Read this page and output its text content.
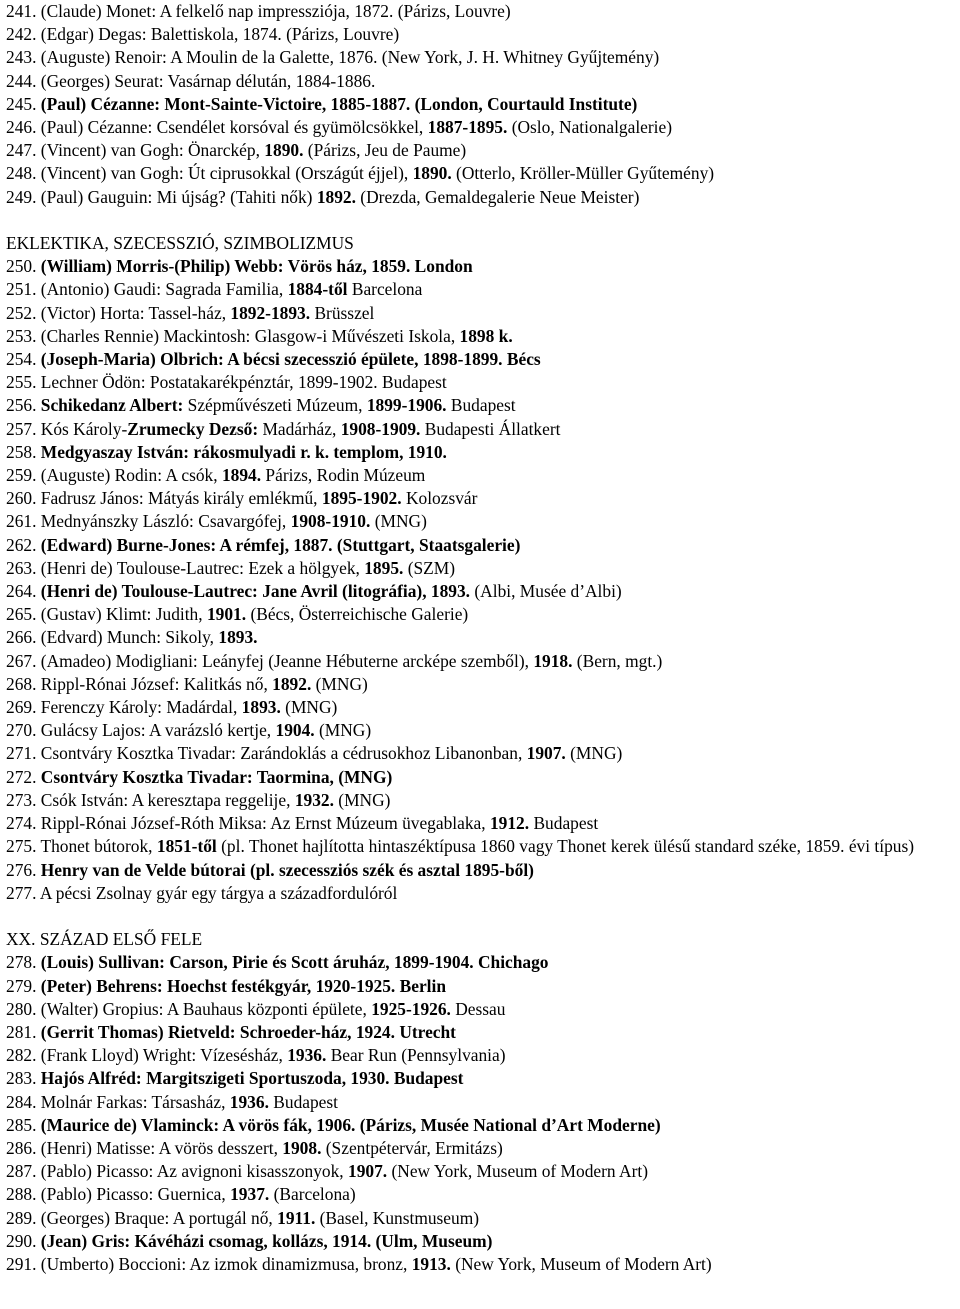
241. (Claude) Monet: A felkelő nap impressziója, 1872. (Párizs, Louvre)
242. (Edgar) Degas: Balettiskola, 1874. (Párizs, Louvre)
243. (Auguste) Renoir: A Moulin de la Galette, 1876. (New York, J. H. Whitney Gyűjtemény)
244. (Georges) Seurat: Vasárnap délután, 1884-1886.
245. (Paul) Cézanne: Mont-Sainte-Victoire, 1885-1887. (London, Courtauld Institute)
246. (Paul) Cézanne: Csendélet korsóval és gyümölcsökkel, 1887-1895. (Oslo, Nationalgalerie)
247. (Vincent) van Gogh: Önarckép, 1890. (Párizs, Jeu de Paume)
248. (Vincent) van Gogh: Út ciprusokkal (Országút éjjel), 1890. (Otterlo, Kröller-Müller Gyűtemény)
249. (Paul) Gauguin: Mi újság? (Tahiti nők) 1892. (Drezda, Gemaldegalerie Neue Meister)
EKLEKTIKA, SZECESSZIÓ, SZIMBOLIZMUS
250. (William) Morris-(Philip) Webb: Vörös ház, 1859. London
251. (Antonio) Gaudi: Sagrada Familia, 1884-től Barcelona
252. (Victor) Horta: Tassel-ház, 1892-1893. Brüsszel
253. (Charles Rennie) Mackintosh: Glasgow-i Művészeti Iskola, 1898 k.
254. (Joseph-Maria) Olbrich: A bécsi szecesszió épülete, 1898-1899. Bécs
255. Lechner Ödön: Postatakarékpénztár, 1899-1902. Budapest
256. Schikedanz Albert: Szépművészeti Múzeum, 1899-1906. Budapest
257. Kós Károly-Zrumecky Dezső: Madárház, 1908-1909. Budapesti Állatkert
258. Medgyaszay István: rákosmulyadi r. k. templom, 1910.
259. (Auguste) Rodin: A csók, 1894. Párizs, Rodin Múzeum
260. Fadrusz János: Mátyás király emlékmű, 1895-1902. Kolozsvár
261. Mednyánszky László: Csavargófej, 1908-1910. (MNG)
262. (Edward) Burne-Jones: A rémfej, 1887. (Stuttgart, Staatsgalerie)
263. (Henri de) Toulouse-Lautrec: Ezek a hölgyek, 1895. (SZM)
264. (Henri de) Toulouse-Lautrec: Jane Avril (litográfia), 1893. (Albi, Musée d’Albi)
265. (Gustav) Klimt: Judith, 1901. (Bécs, Österreichische Galerie)
266. (Edvard) Munch: Sikoly, 1893.
267. (Amadeo) Modigliani: Leányfej (Jeanne Hébuterne arcképe szemből), 1918. (Bern, mgt.)
268. Rippl-Rónai József: Kalitkás nő, 1892. (MNG)
269. Ferenczy Károly: Madárdal, 1893. (MNG)
270. Gulácsy Lajos: A varázsló kertje, 1904. (MNG)
271. Csontváry Kosztka Tivadar: Zarándoklás a cédrusokhoz Libanonban, 1907. (MNG)
272. Csontváry Kosztka Tivadar: Taormina, (MNG)
273. Csók István: A keresztapa reggelije, 1932. (MNG)
274. Rippl-Rónai József-Róth Miksa: Az Ernst Múzeum üvegablaka, 1912. Budapest
275. Thonet bútorok, 1851-től (pl. Thonet hajlította hintaszéktípusa 1860 vagy Thonet kerek ülésű standard széke, 1859. évi típus)
276. Henry van de Velde bútorai (pl. szecessziós szék és asztal 1895-ből)
277. A pécsi Zsolnay gyár egy tárgya a századfordulóról
XX. SZÁZAD ELSŐ FELE
278. (Louis) Sullivan: Carson, Pirie és Scott áruház, 1899-1904. Chichago
279. (Peter) Behrens: Hoechst festékgyár, 1920-1925. Berlin
280. (Walter) Gropius: A Bauhaus központi épülete, 1925-1926. Dessau
281. (Gerrit Thomas) Rietveld: Schroeder-ház, 1924. Utrecht
282. (Frank Lloyd) Wright: Vízesésház, 1936. Bear Run (Pennsylvania)
283. Hajós Alfréd: Margitszigeti Sportuszoda, 1930. Budapest
284. Molnár Farkas: Társasház, 1936. Budapest
285. (Maurice de) Vlaminck: A vörös fák, 1906. (Párizs, Musée National d’Art Moderne)
286. (Henri) Matisse: A vörös desszert, 1908. (Szentpétervár, Ermitázs)
287. (Pablo) Picasso: Az avignoni kisasszonyok, 1907. (New York, Museum of Modern Art)
288. (Pablo) Picasso: Guernica, 1937. (Barcelona)
289. (Georges) Braque: A portugál nő, 1911. (Basel, Kunstmuseum)
290. (Jean) Gris: Kávéházi csomag, kollázs, 1914. (Ulm, Museum)
291. (Umberto) Boccioni: Az izmok dinamizmusa, bronz, 1913. (New York, Museum of Modern Art)
